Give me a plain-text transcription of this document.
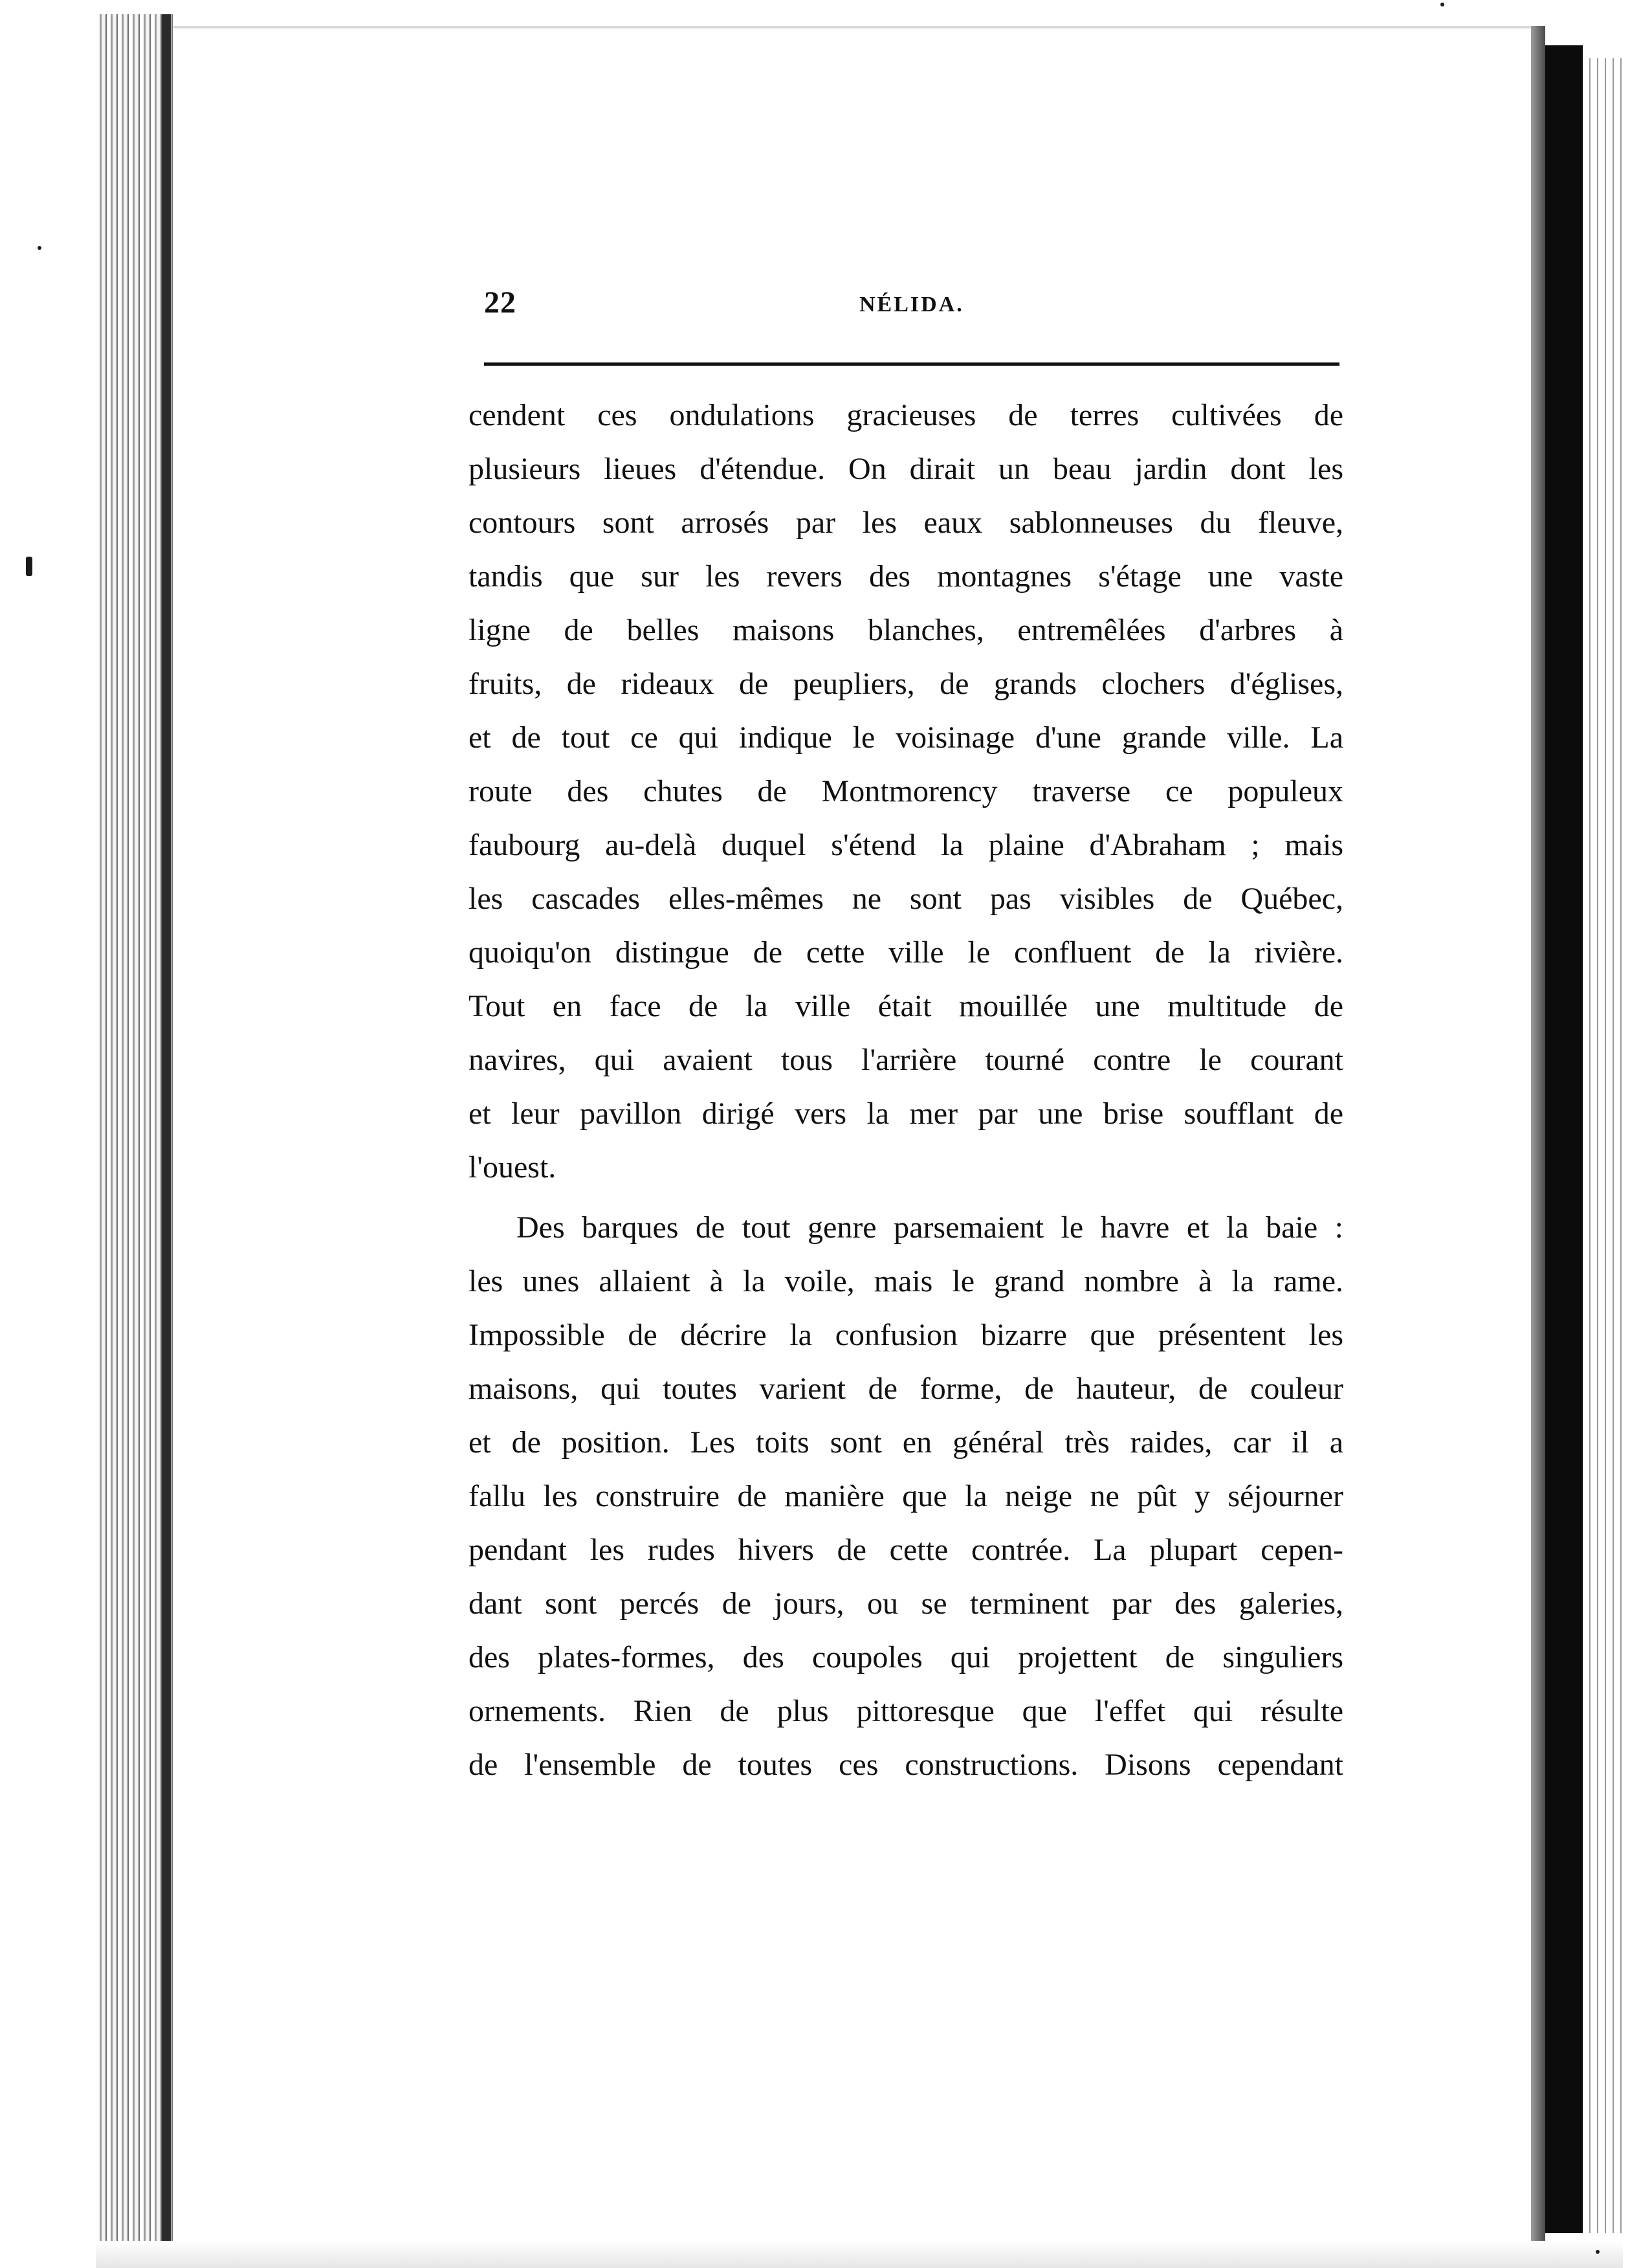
22	NÉLIDA.
cendent ces ondulations gracieuses de terres cultivées de
plusieurs lieues d'étendue. On dirait un beau jardin dont les
contours sont arrosés par les eaux sablonneuses du fleuve,
tandis que sur les revers des montagnes s'étage une vaste
ligne de belles maisons blanches, entremêlées d'arbres à
fruits, de rideaux de peupliers, de grands clochers d'églises,
et de tout ce qui indique le voisinage d'une grande ville. La
route des chutes de Montmorency traverse ce populeux
faubourg au-delà duquel s'étend la plaine d'Abraham ; mais
les cascades elles-mêmes ne sont pas visibles de Québec,
quoiqu'on distingue de cette ville le confluent de la rivière.
Tout en face de la ville était mouillée une multitude de
navires, qui avaient tous l'arrière tourné contre le courant
et leur pavillon dirigé vers la mer par une brise soufflant de
l'ouest.
Des barques de tout genre parsemaient le havre et la baie :
les unes allaient à la voile, mais le grand nombre à la rame.
Impossible de décrire la confusion bizarre que présentent les
maisons, qui toutes varient de forme, de hauteur, de couleur
et de position. Les toits sont en général très raides, car il a
fallu les construire de manière que la neige ne pût y séjourner
pendant les rudes hivers de cette contrée. La plupart cepen-
dant sont percés de jours, ou se terminent par des galeries,
des plates-formes, des coupoles qui projettent de singuliers
ornements. Rien de plus pittoresque que l'effet qui résulte
de l'ensemble de toutes ces constructions. Disons cependant
